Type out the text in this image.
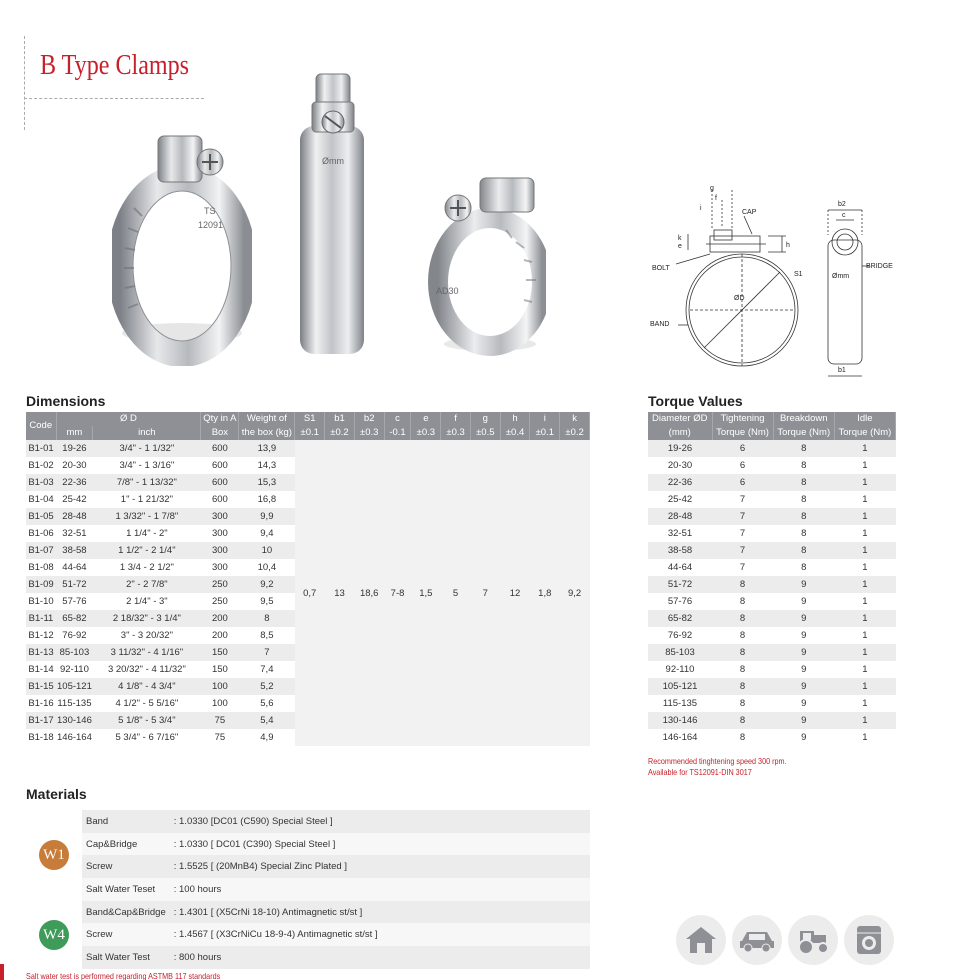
B Type Clamps
TS
12091
Ømm
AD30
g
f
i
CAP
k
e	h
BOLT
S1
ØD
BAND
b2
c
Ømm
BRIDGE
b1
Dimensions
Code	Ø D		Qty in A	Weight of	S1	b1	b2	c	e	f	g	h	i	k
	mm	inch	Box	the box (kg)	±0.1	±0.2	±0.3	-0.1	±0.3	±0.3	±0.5	±0.4	±0.1	±0.2
B1-01	19-26	3/4" - 1 1/32"	600	13,9	0,7	13	18,6	7-8	1,5	5	7	12	1,8	9,2
B1-02	20-30	3/4" - 1 3/16"	600	14,3										
B1-03	22-36	7/8" - 1 13/32"	600	15,3										
B1-04	25-42	1" - 1 21/32"	600	16,8										
B1-05	28-48	1 3/32" - 1 7/8"	300	9,9										
B1-06	32-51	1 1/4" - 2"	300	9,4										
B1-07	38-58	1 1/2" - 2 1/4"	300	10										
B1-08	44-64	1 3/4 - 2 1/2"	300	10,4										
B1-09	51-72	2" - 2 7/8"	250	9,2										
B1-10	57-76	2 1/4" - 3"	250	9,5										
B1-11	65-82	2 18/32" - 3 1/4"	200	8										
B1-12	76-92	3" - 3 20/32"	200	8,5										
B1-13	85-103	3 11/32" - 4 1/16"	150	7										
B1-14	92-110	3 20/32" - 4 11/32"	150	7,4										
B1-15	105-121	4 1/8" - 4 3/4"	100	5,2										
B1-16	115-135	4 1/2" - 5 5/16"	100	5,6										
B1-17	130-146	5 1/8" - 5 3/4"	75	5,4										
B1-18	146-164	5 3/4" - 6 7/16"	75	4,9										
Torque Values
Diameter ØD	Tightening	Breakdown	Idle
(mm)	Torque (Nm)	Torque (Nm)	Torque (Nm)
19-26	6	8	1
20-30	6	8	1
22-36	6	8	1
25-42	7	8	1
28-48	7	8	1
32-51	7	8	1
38-58	7	8	1
44-64	7	8	1
51-72	8	9	1
57-76	8	9	1
65-82	8	9	1
76-92	8	9	1
85-103	8	9	1
92-110	8	9	1
105-121	8	9	1
115-135	8	9	1
130-146	8	9	1
146-164	8	9	1
Recommended tinghtening speed 300 rpm.
Available for TS12091-DIN 3017
Materials
W1	Band	: 1.0330 [DC01 (C590) Special Steel ]
	Cap&Bridge	: 1.0330 [ DC01 (C390) Special Steel ]
	Screw	: 1.5525 [ (20MnB4) Special Zinc Plated ]
	Salt Water Teset	: 100 hours
W4	Band&Cap&Bridge	: 1.4301 [ (X5CrNi 18-10) Antimagnetic st/st ]
	Screw	: 1.4567 [ (X3CrNiCu 18-9-4) Antimagnetic st/st ]
	Salt Water Test	: 800 hours
Salt water test is performed regarding ASTMB 117 standards
